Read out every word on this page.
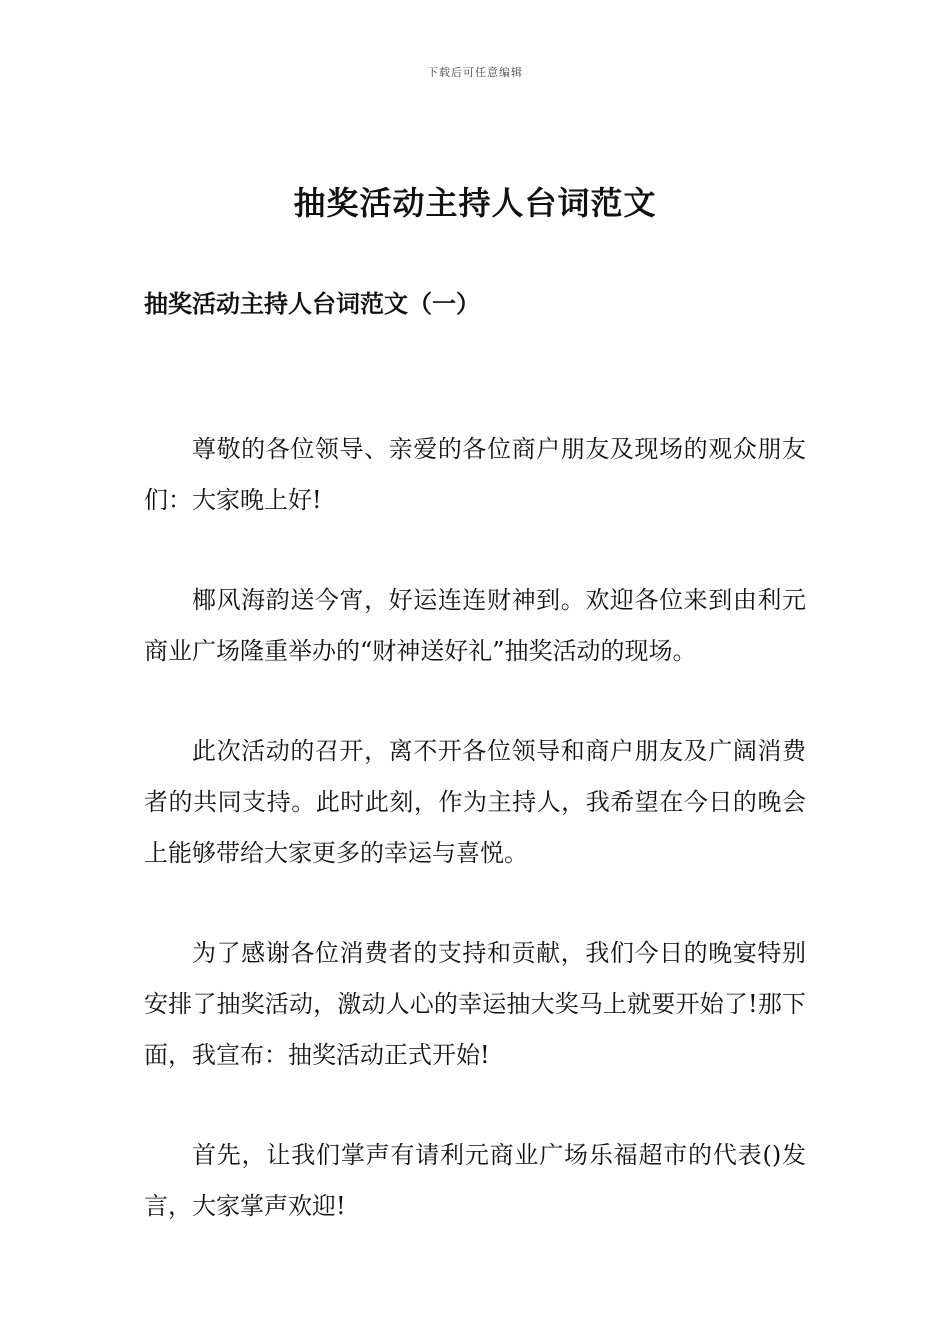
下载后可任意编辑
抽奖活动主持人台词范文
抽奖活动主持人台词范文（一）

尊敬的各位领导、亲爱的各位商户朋友及现场的观众朋友们：大家晚上好!

椰风海韵送今宵，好运连连财神到。欢迎各位来到由利元商业广场隆重举办的“财神送好礼”抽奖活动的现场。

此次活动的召开，离不开各位领导和商户朋友及广阔消费者的共同支持。此时此刻，作为主持人，我希望在今日的晚会上能够带给大家更多的幸运与喜悦。

为了感谢各位消费者的支持和贡献，我们今日的晚宴特别安排了抽奖活动，激动人心的幸运抽大奖马上就要开始了!那下面，我宣布：抽奖活动正式开始!

首先，让我们掌声有请利元商业广场乐福超市的代表()发言，大家掌声欢迎!
